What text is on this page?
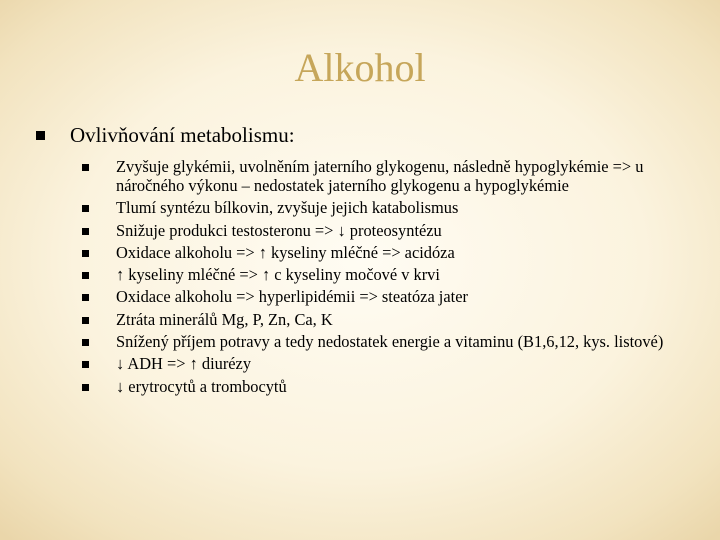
Alkohol
Ovlivňování metabolismu:
Zvyšuje glykémii, uvolněním jaterního glykogenu, následně hypoglykémie => u náročného výkonu – nedostatek jaterního glykogenu a hypoglykémie
Tlumí syntézu bílkovin, zvyšuje jejich katabolismus
Snižuje produkci testosteronu => ↓ proteosyntézu
Oxidace alkoholu => ↑ kyseliny mléčné => acidóza
↑ kyseliny mléčné => ↑ c kyseliny močové v krvi
Oxidace alkoholu => hyperlipidémii => steatóza jater
Ztráta minerálů Mg, P, Zn, Ca, K
Snížený příjem potravy a tedy nedostatek energie a vitaminu (B1,6,12, kys. listové)
↓ ADH => ↑ diurézy
↓ erytrocytů a trombocytů
